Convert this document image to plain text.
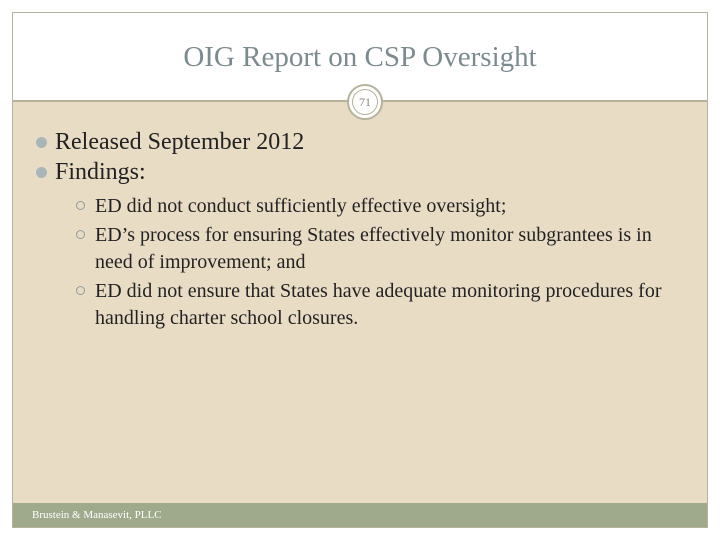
OIG Report on CSP Oversight
71
Released September 2012
Findings:
ED did not conduct sufficiently effective oversight;
ED’s process for ensuring States effectively monitor subgrantees is in need of improvement; and
ED did not ensure that States have adequate monitoring procedures for handling charter school closures.
Brustein & Manasevit, PLLC
